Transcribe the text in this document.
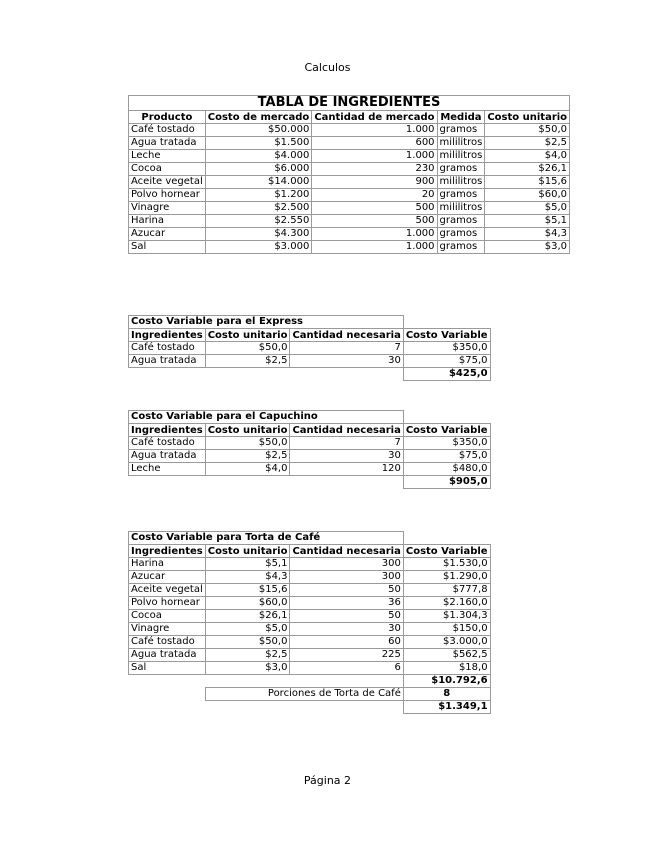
Calculos
TABLA DE INGREDIENTES				
Producto	Costo de mercado	Cantidad de mercado	Medida	Costo unitario
Café tostado	$50.000	1.000	gramos	$50,0
Agua tratada	$1.500	600	mililitros	$2,5
Leche	$4.000	1.000	mililitros	$4,0
Cocoa	$6.000	230	gramos	$26,1
Aceite vegetal	$14.000	900	mililitros	$15,6
Polvo hornear	$1.200	20	gramos	$60,0
Vinagre	$2.500	500	mililitros	$5,0
Harina	$2.550	500	gramos	$5,1
Azucar	$4.300	1.000	gramos	$4,3
Sal	$3.000	1.000	gramos	$3,0
Costo Variable para el Express			
Ingredientes	Costo unitario	Cantidad necesaria	Costo Variable
Café tostado	$50,0	7	$350,0
Agua tratada	$2,5	30	$75,0
			$425,0
Costo Variable para el Capuchino			
Ingredientes	Costo unitario	Cantidad necesaria	Costo Variable
Café tostado	$50,0	7	$350,0
Agua tratada	$2,5	30	$75,0
Leche	$4,0	120	$480,0
			$905,0
Costo Variable para Torta de Café			
Ingredientes	Costo unitario	Cantidad necesaria	Costo Variable
Harina	$5,1	300	$1.530,0
Azucar	$4,3	300	$1.290,0
Aceite vegetal	$15,6	50	$777,8
Polvo hornear	$60,0	36	$2.160,0
Cocoa	$26,1	50	$1.304,3
Vinagre	$5,0	30	$150,0
Café tostado	$50,0	60	$3.000,0
Agua tratada	$2,5	225	$562,5
Sal	$3,0	6	$18,0
			$10.792,6
	Porciones de Torta de Café		8
			$1.349,1
Página 2
